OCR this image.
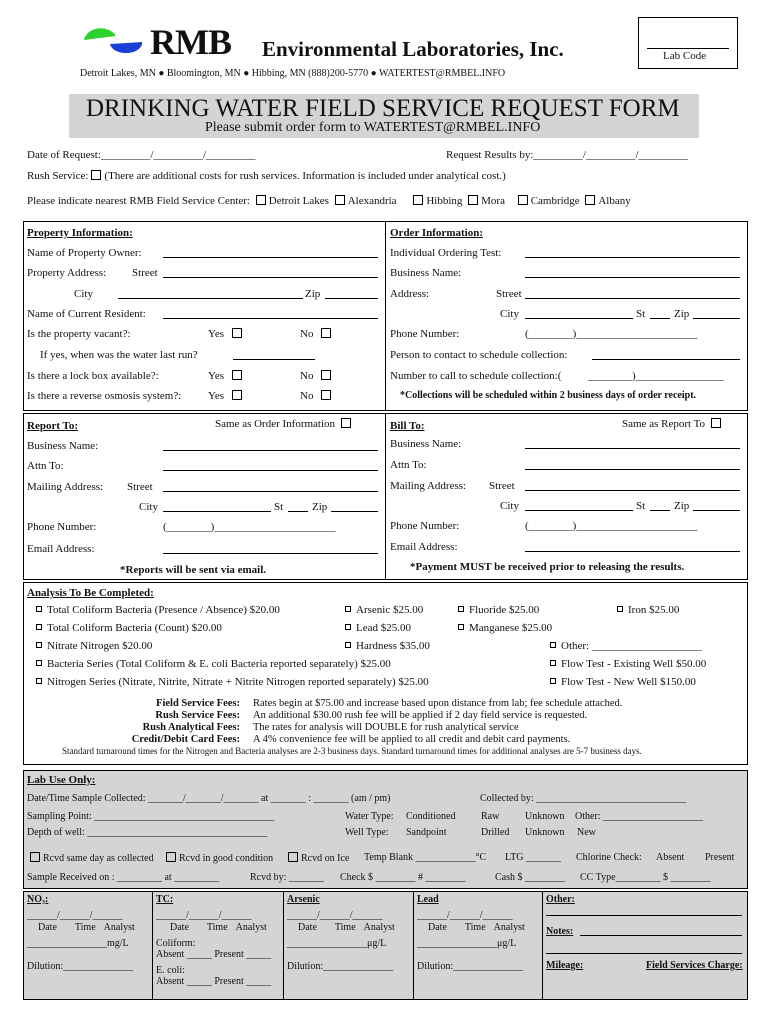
RMB Environmental Laboratories, Inc.
Detroit Lakes, MN ● Bloomington, MN ● Hibbing, MN (888)200-5770 ● WATERTEST@RMBEL.INFO
Lab Code
DRINKING WATER FIELD SERVICE REQUEST FORM
Please submit order form to WATERTEST@RMBEL.INFO
Date of Request:_________/_________/_________	Request Results by:_________/_________/_________
Rush Service: (There are additional costs for rush services. Information is included under analytical cost.)
Please indicate nearest RMB Field Service Center: Detroit Lakes Alexandria	Hibbing Mora Cambridge Albany
Property Information:
Name of Property Owner:
Property Address: Street
City	Zip
Name of Current Resident:
Is the property vacant?:	Yes	No
If yes, when was the water last run?
Is there a lock box available?:	Yes	No
Is there a reverse osmosis system?: Yes	No
Order Information:
Individual Ordering Test:
Business Name:
Address:	Street
City	St	Zip
Phone Number:	(________)______________________
Person to contact to schedule collection:
Number to call to schedule collection:( ________)________________
*Collections will be scheduled within 2 business days of order receipt.
Report To:	Same as Order Information
Business Name:
Attn To:
Mailing Address: Street
City	St	Zip
Phone Number:	(________)______________________
Email Address:
*Reports will be sent via email.
Bill To:	Same as Report To
Business Name:
Attn To:
Mailing Address: Street
City	St	Zip
Phone Number:	(________)______________________
Email Address:
*Payment MUST be received prior to releasing the results.
Analysis To Be Completed:
Total Coliform Bacteria (Presence / Absence) $20.00	Arsenic $25.00	Fluoride $25.00	Iron $25.00
Total Coliform Bacteria (Count) $20.00	Lead $25.00	Manganese $25.00
Nitrate Nitrogen $20.00	Hardness $35.00	Other: ____________________
Bacteria Series (Total Coliform & E. coli Bacteria reported separately) $25.00	Flow Test - Existing Well $50.00
Nitrogen Series (Nitrate, Nitrite, Nitrate + Nitrite Nitrogen reported separately) $25.00	Flow Test - New Well $150.00
Field Service Fees: Rates begin at $75.00 and increase based upon distance from lab; fee schedule attached.
Rush Service Fees: An additional $30.00 rush fee will be applied if 2 day field service is requested.
Rush Analytical Fees: The rates for analysis will DOUBLE for rush analytical service
Credit/Debit Card Fees: A 4% convenience fee will be applied to all credit and debit card payments.
Standard turnaround times for the Nitrogen and Bacteria analyses are 2-3 business days. Standard turnaround times for additional analyses are 5-7 business days.
Lab Use Only:
Date/Time Sample Collected: _______/_______/_______ at _______ : _______ (am / pm)	Collected by: ______________________________
Sampling Point: ____________________________________	Water Type: Conditioned	Raw	Unknown Other: ____________________
Depth of well: ____________________________________	Well Type: Sandpoint	Drilled Unknown New
Rcvd same day as collected	Rcvd in good condition	Rcvd on Ice Temp Blank ____________°C LTG _______ Chlorine Check: Absent Present
Sample Received on : _________ at _________	Rcvd by: _______ Check $ ________ # ________	Cash $ ________ CC Type_________ $ ________
NO₃:
______/______/______
Date Time Analyst
________________mg/L
Dilution:______________
TC:
______/______/______
Date Time Analyst
Coliform:
Absent _____ Present _____
E. coli:
Absent _____ Present _____
Arsenic
______/______/______
Date Time Analyst
________________μg/L
Dilution:______________
Lead
______/______/______
Date Time Analyst
________________μg/L
Dilution:______________
Other:
Notes:
Mileage:	Field Services Charge:
